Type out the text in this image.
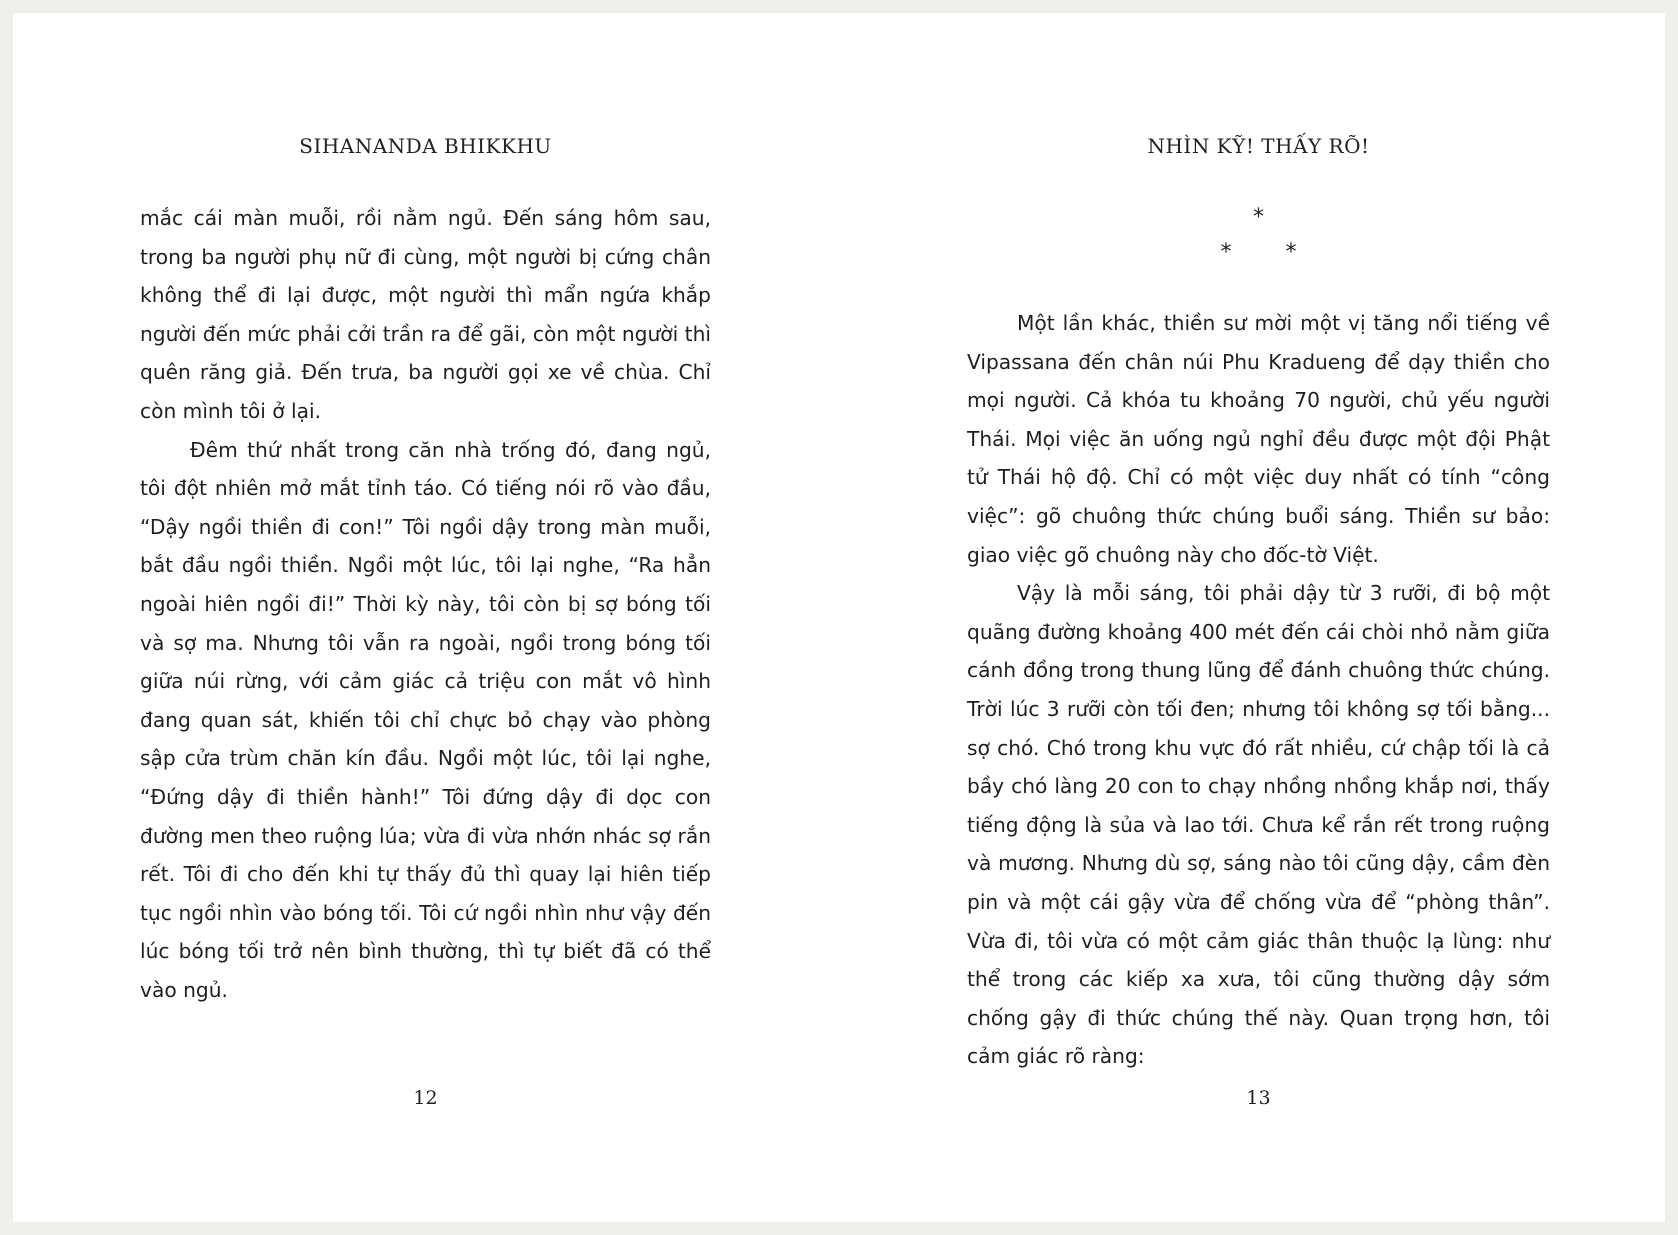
SIHANANDA BHIKKHU

mắc cái màn muỗi, rồi nằm ngủ. Đến sáng hôm sau, trong ba người phụ nữ đi cùng, một người bị cứng chân không thể đi lại được, một người thì mẩn ngứa khắp người đến mức phải cởi trần ra để gãi, còn một người thì quên răng giả. Đến trưa, ba người gọi xe về chùa. Chỉ còn mình tôi ở lại.

Đêm thứ nhất trong căn nhà trống đó, đang ngủ, tôi đột nhiên mở mắt tỉnh táo. Có tiếng nói rõ vào đầu, “Dậy ngồi thiền đi con!” Tôi ngồi dậy trong màn muỗi, bắt đầu ngồi thiền. Ngồi một lúc, tôi lại nghe, “Ra hẳn ngoài hiên ngồi đi!” Thời kỳ này, tôi còn bị sợ bóng tối và sợ ma. Nhưng tôi vẫn ra ngoài, ngồi trong bóng tối giữa núi rừng, với cảm giác cả triệu con mắt vô hình đang quan sát, khiến tôi chỉ chực bỏ chạy vào phòng sập cửa trùm chăn kín đầu. Ngồi một lúc, tôi lại nghe, “Đứng dậy đi thiền hành!” Tôi đứng dậy đi dọc con đường men theo ruộng lúa; vừa đi vừa nhớn nhác sợ rắn rết. Tôi đi cho đến khi tự thấy đủ thì quay lại hiên tiếp tục ngồi nhìn vào bóng tối. Tôi cứ ngồi nhìn như vậy đến lúc bóng tối trở nên bình thường, thì tự biết đã có thể vào ngủ.

12
NHÌN KỸ! THẤY RÕ!
*
* *

Một lần khác, thiền sư mời một vị tăng nổi tiếng về Vipassana đến chân núi Phu Kradueng để dạy thiền cho mọi người. Cả khóa tu khoảng 70 người, chủ yếu người Thái. Mọi việc ăn uống ngủ nghỉ đều được một đội Phật tử Thái hộ độ. Chỉ có một việc duy nhất có tính “công việc”: gõ chuông thức chúng buổi sáng. Thiền sư bảo: giao việc gõ chuông này cho đốc-tờ Việt.

Vậy là mỗi sáng, tôi phải dậy từ 3 rưỡi, đi bộ một quãng đường khoảng 400 mét đến cái chòi nhỏ nằm giữa cánh đồng trong thung lũng để đánh chuông thức chúng. Trời lúc 3 rưỡi còn tối đen; nhưng tôi không sợ tối bằng... sợ chó. Chó trong khu vực đó rất nhiều, cứ chập tối là cả bầy chó làng 20 con to chạy nhồng nhồng khắp nơi, thấy tiếng động là sủa và lao tới. Chưa kể rắn rết trong ruộng và mương. Nhưng dù sợ, sáng nào tôi cũng dậy, cầm đèn pin và một cái gậy vừa để chống vừa để “phòng thân”. Vừa đi, tôi vừa có một cảm giác thân thuộc lạ lùng: như thể trong các kiếp xa xưa, tôi cũng thường dậy sớm chống gậy đi thức chúng thế này. Quan trọng hơn, tôi cảm giác rõ ràng:

13
